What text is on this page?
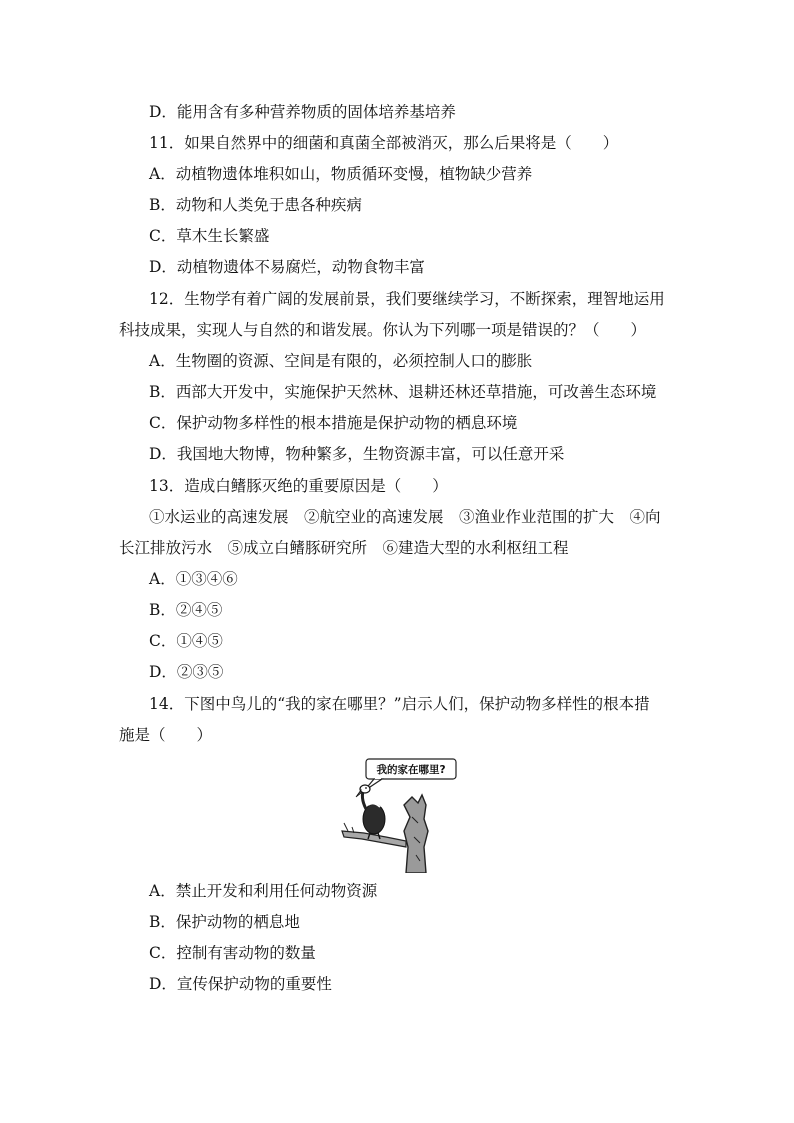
D．能用含有多种营养物质的固体培养基培养
11．如果自然界中的细菌和真菌全部被消灭，那么后果将是（　　）
A．动植物遗体堆积如山，物质循环变慢，植物缺少营养
B．动物和人类免于患各种疾病
C．草木生长繁盛
D．动植物遗体不易腐烂，动物食物丰富
12．生物学有着广阔的发展前景，我们要继续学习，不断探索，理智地运用
科技成果，实现人与自然的和谐发展。你认为下列哪一项是错误的？（　　）
A．生物圈的资源、空间是有限的，必须控制人口的膨胀
B．西部大开发中，实施保护天然林、退耕还林还草措施，可改善生态环境
C．保护动物多样性的根本措施是保护动物的栖息环境
D．我国地大物博，物种繁多，生物资源丰富，可以任意开采
13．造成白鳍豚灭绝的重要原因是（　　）
①水运业的高速发展　②航空业的高速发展　③渔业作业范围的扩大　④向
长江排放污水　⑤成立白鳍豚研究所　⑥建造大型的水利枢纽工程
A．①③④⑥
B．②④⑤
C．①④⑤
D．②③⑤
14．下图中鸟儿的“我的家在哪里？”启示人们，保护动物多样性的根本措
施是（　　）
我的家在哪里?
A．禁止开发和利用任何动物资源
B．保护动物的栖息地
C．控制有害动物的数量
D．宣传保护动物的重要性
